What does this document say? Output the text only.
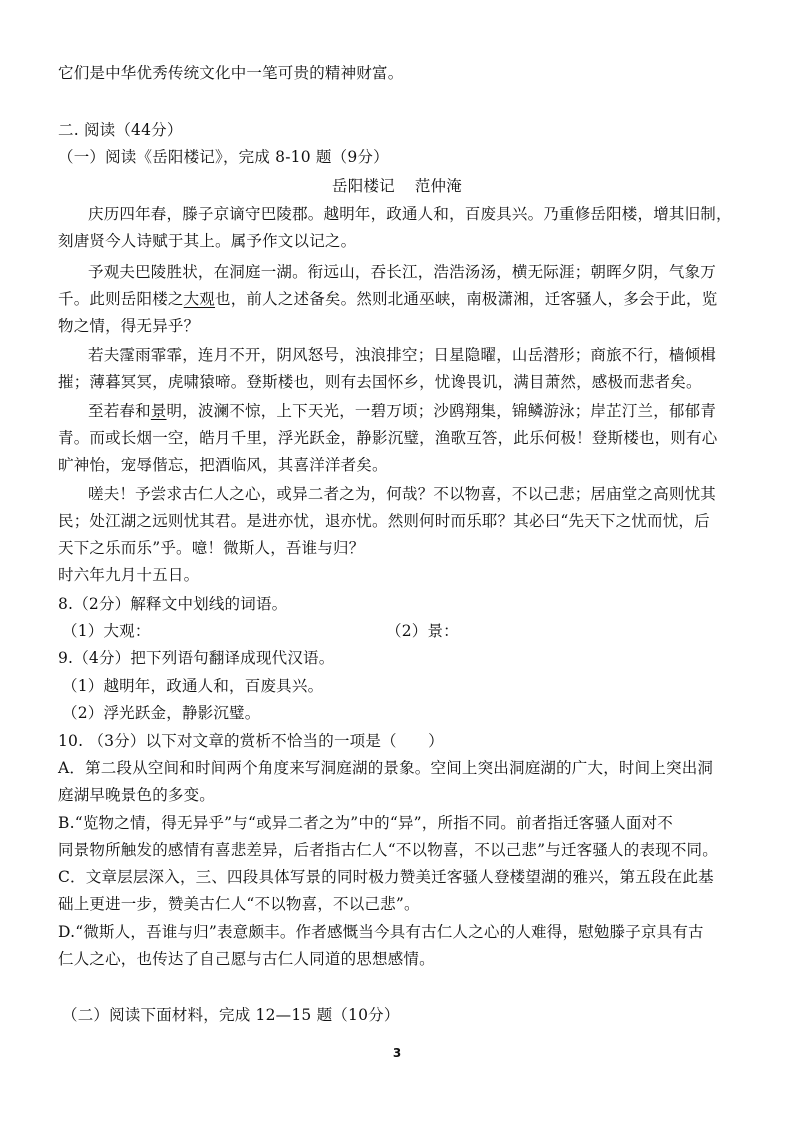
它们是中华优秀传统文化中一笔可贵的精神财富。
二. 阅读（44分）
（一）阅读《岳阳楼记》，完成 8-10 题（9分）
岳阳楼记 范仲淹
庆历四年春，滕子京谪守巴陵郡。越明年，政通人和，百废具兴。乃重修岳阳楼，增其旧制，
刻唐贤今人诗赋于其上。属予作文以记之。
予观夫巴陵胜状，在洞庭一湖。衔远山，吞长江，浩浩汤汤，横无际涯；朝晖夕阴，气象万
千。此则岳阳楼之大观也，前人之述备矣。然则北通巫峡，南极潇湘，迁客骚人，多会于此，览
物之情，得无异乎？
若夫霪雨霏霏，连月不开，阴风怒号，浊浪排空；日星隐曜，山岳潜形；商旅不行，樯倾楫
摧；薄暮冥冥，虎啸猿啼。登斯楼也，则有去国怀乡，忧谗畏讥，满目萧然，感极而悲者矣。
至若春和景明，波澜不惊，上下天光，一碧万顷；沙鸥翔集，锦鳞游泳；岸芷汀兰，郁郁青
青。而或长烟一空，皓月千里，浮光跃金，静影沉璧，渔歌互答，此乐何极！登斯楼也，则有心
旷神怡，宠辱偕忘，把酒临风，其喜洋洋者矣。
嗟夫！予尝求古仁人之心，或异二者之为，何哉？不以物喜，不以己悲；居庙堂之高则忧其
民；处江湖之远则忧其君。是进亦忧，退亦忧。然则何时而乐耶？其必曰“先天下之忧而忧，后
天下之乐而乐”乎。噫！微斯人，吾谁与归？
时六年九月十五日。
8.（2分）解释文中划线的词语。
（1）大观：	（2）景：
9.（4分）把下列语句翻译成现代汉语。
（1）越明年，政通人和，百废具兴。
（2）浮光跃金，静影沉璧。
10. （3分）以下对文章的赏析不恰当的一项是（　　）
A．第二段从空间和时间两个角度来写洞庭湖的景象。空间上突出洞庭湖的广大，时间上突出洞
庭湖早晚景色的多变。
B.“览物之情，得无异乎”与“或异二者之为”中的“异”，所指不同。前者指迁客骚人面对不
同景物所触发的感情有喜悲差异，后者指古仁人“不以物喜，不以己悲”与迁客骚人的表现不同。
C．文章层层深入，三、四段具体写景的同时极力赞美迁客骚人登楼望湖的雅兴，第五段在此基
础上更进一步，赞美古仁人“不以物喜，不以己悲”。
D.“微斯人，吾谁与归”表意颇丰。作者感慨当今具有古仁人之心的人难得，慰勉滕子京具有古
仁人之心，也传达了自己愿与古仁人同道的思想感情。
（二）阅读下面材料，完成 12—15 题（10分）
3
